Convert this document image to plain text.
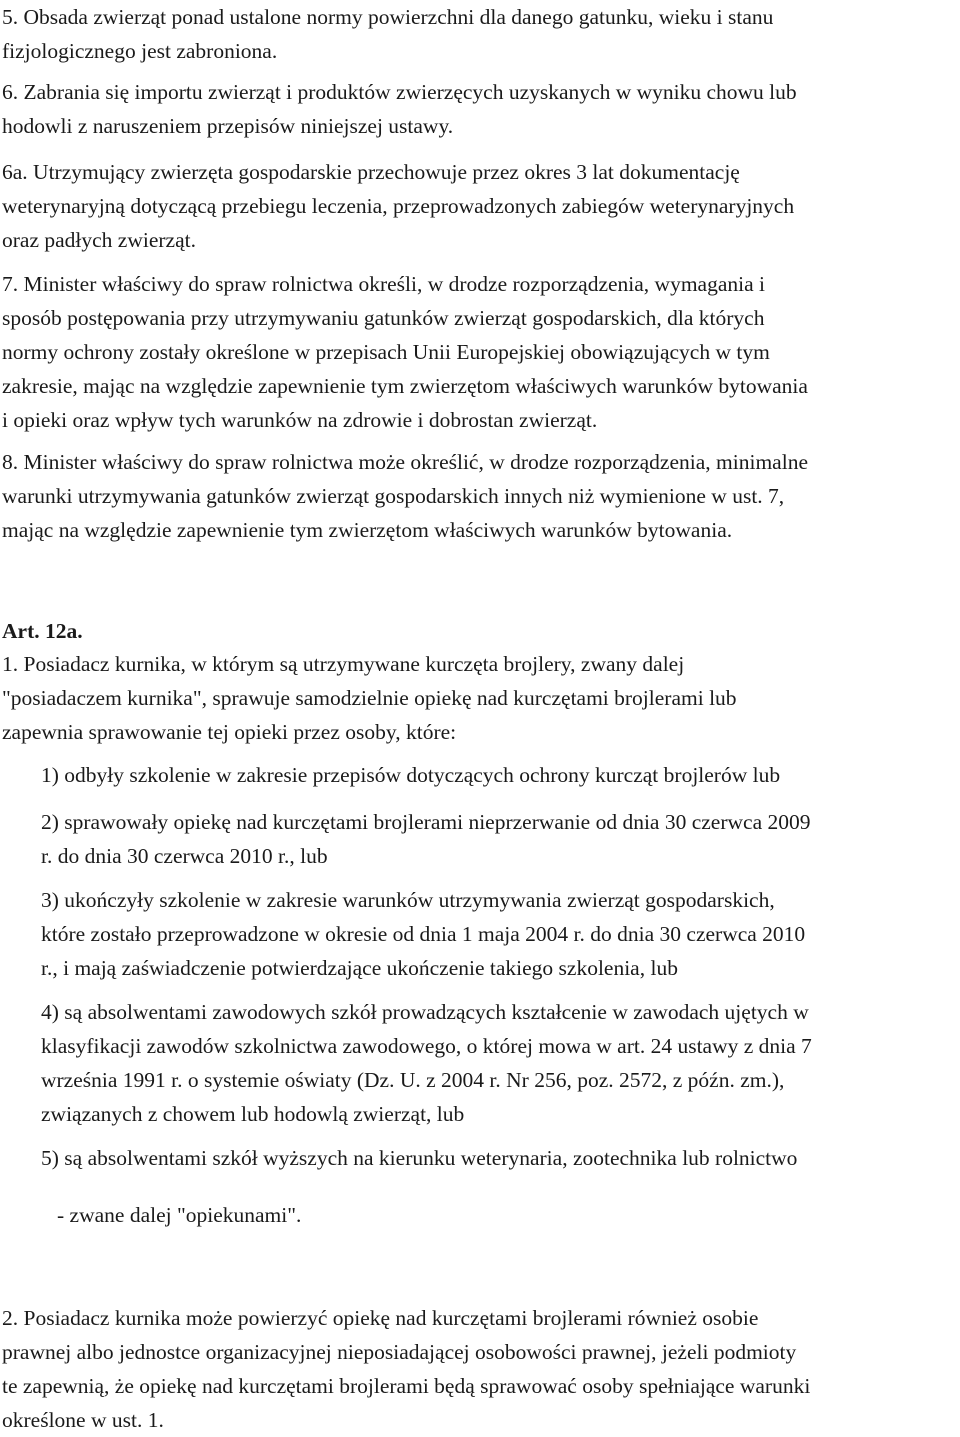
5. Obsada zwierząt ponad ustalone normy powierzchni dla danego gatunku, wieku i stanu
fizjologicznego jest zabroniona.

6. Zabrania się importu zwierząt i produktów zwierzęcych uzyskanych w wyniku chowu lub
hodowli z naruszeniem przepisów niniejszej ustawy.

6a. Utrzymujący zwierzęta gospodarskie przechowuje przez okres 3 lat dokumentację
weterynaryjną dotyczącą przebiegu leczenia, przeprowadzonych zabiegów weterynaryjnych
oraz padłych zwierząt.

7. Minister właściwy do spraw rolnictwa określi, w drodze rozporządzenia, wymagania i
sposób postępowania przy utrzymywaniu gatunków zwierząt gospodarskich, dla których
normy ochrony zostały określone w przepisach Unii Europejskiej obowiązujących w tym
zakresie, mając na względzie zapewnienie tym zwierzętom właściwych warunków bytowania
i opieki oraz wpływ tych warunków na zdrowie i dobrostan zwierząt.

8. Minister właściwy do spraw rolnictwa może określić, w drodze rozporządzenia, minimalne
warunki utrzymywania gatunków zwierząt gospodarskich innych niż wymienione w ust. 7,
mając na względzie zapewnienie tym zwierzętom właściwych warunków bytowania.

Art. 12a.

1. Posiadacz kurnika, w którym są utrzymywane kurczęta brojlery, zwany dalej
"posiadaczem kurnika", sprawuje samodzielnie opiekę nad kurczętami brojlerami lub
zapewnia sprawowanie tej opieki przez osoby, które:

1) odbyły szkolenie w zakresie przepisów dotyczących ochrony kurcząt brojlerów lub

2) sprawowały opiekę nad kurczętami brojlerami nieprzerwanie od dnia 30 czerwca 2009
r. do dnia 30 czerwca 2010 r., lub

3) ukończyły szkolenie w zakresie warunków utrzymywania zwierząt gospodarskich,
które zostało przeprowadzone w okresie od dnia 1 maja 2004 r. do dnia 30 czerwca 2010
r., i mają zaświadczenie potwierdzające ukończenie takiego szkolenia, lub

4) są absolwentami zawodowych szkół prowadzących kształcenie w zawodach ujętych w
klasyfikacji zawodów szkolnictwa zawodowego, o której mowa w art. 24 ustawy z dnia 7
września 1991 r. o systemie oświaty (Dz. U. z 2004 r. Nr 256, poz. 2572, z późn. zm.),
związanych z chowem lub hodowlą zwierząt, lub

5) są absolwentami szkół wyższych na kierunku weterynaria, zootechnika lub rolnictwo

- zwane dalej "opiekunami".

2. Posiadacz kurnika może powierzyć opiekę nad kurczętami brojlerami również osobie
prawnej albo jednostce organizacyjnej nieposiadającej osobowości prawnej, jeżeli podmioty
te zapewnią, że opiekę nad kurczętami brojlerami będą sprawować osoby spełniające warunki
określone w ust. 1.
